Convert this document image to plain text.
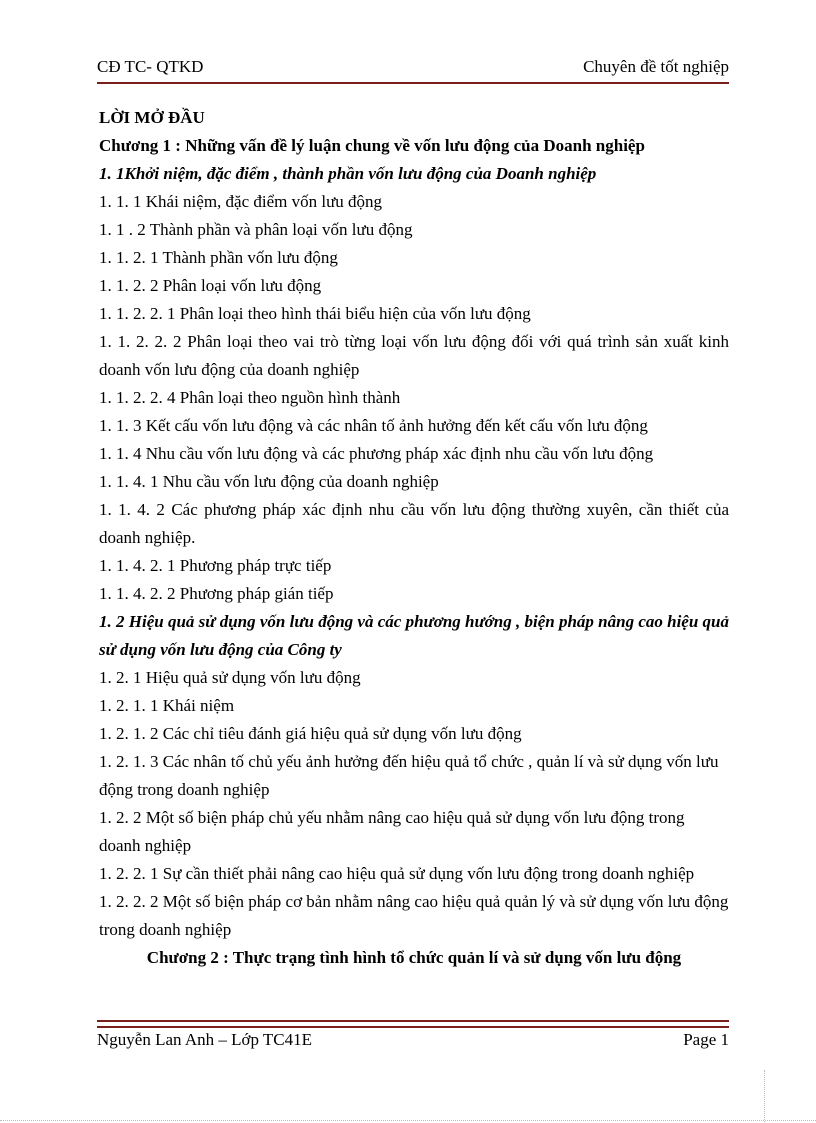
CĐ TC- QTKD	Chuyên đề tốt nghiệp
LỜI MỞ ĐẦU
Chương 1 : Những vấn đề lý luận chung về vốn lưu động của Doanh nghiệp
1. 1Khởi niệm, đặc điểm , thành phần vốn lưu động của Doanh nghiệp
1. 1. 1 Khái niệm, đặc điểm vốn lưu động
1. 1 . 2 Thành phần và phân loại vốn lưu động
1. 1. 2. 1 Thành phần vốn lưu động
1. 1. 2. 2 Phân loại vốn lưu động
1. 1. 2. 2. 1 Phân loại theo hình thái biểu hiện của vốn lưu động
1. 1. 2. 2. 2 Phân loại theo vai trò từng loại vốn lưu động đối với quá trình sản xuất kinh doanh vốn lưu động của doanh nghiệp
1. 1. 2. 2. 4 Phân loại theo nguồn hình thành
1. 1. 3 Kết cấu vốn lưu động và các nhân tố ảnh hưởng đến kết cấu vốn lưu động
1. 1. 4 Nhu cầu vốn lưu động và các phương pháp xác định nhu cầu vốn lưu động
1. 1. 4. 1 Nhu cầu vốn lưu động của doanh nghiệp
1. 1. 4. 2 Các phương pháp xác định nhu cầu vốn lưu động thường xuyên, cần thiết của doanh nghiệp.
1. 1. 4. 2. 1 Phương pháp trực tiếp
1. 1. 4. 2. 2 Phương pháp gián tiếp
1. 2 Hiệu quả sử dụng vốn lưu động và các phương hướng , biện pháp nâng cao hiệu quả sử dụng vốn lưu động của Công ty
1. 2. 1 Hiệu quả sử dụng vốn lưu động
1. 2. 1. 1 Khái niệm
1. 2. 1. 2 Các chỉ tiêu đánh giá hiệu quả sử dụng vốn lưu động
1. 2. 1. 3 Các nhân tố chủ yếu ảnh hưởng đến hiệu quả tổ chức , quản lí và sử dụng vốn lưu động trong doanh nghiệp
1. 2. 2 Một số biện pháp chủ yếu nhằm nâng cao hiệu quả sử dụng vốn lưu động trong doanh nghiệp
1. 2. 2. 1 Sự cần thiết phải nâng cao hiệu quả sử dụng vốn lưu động trong doanh nghiệp
1. 2. 2. 2 Một số biện pháp cơ bản nhằm nâng cao hiệu quả quản lý và sử dụng vốn lưu động trong doanh nghiệp
Chương 2 : Thực trạng tình hình tổ chức quản lí và sử dụng vốn lưu động
Nguyễn Lan Anh – Lớp TC41E	Page 1
